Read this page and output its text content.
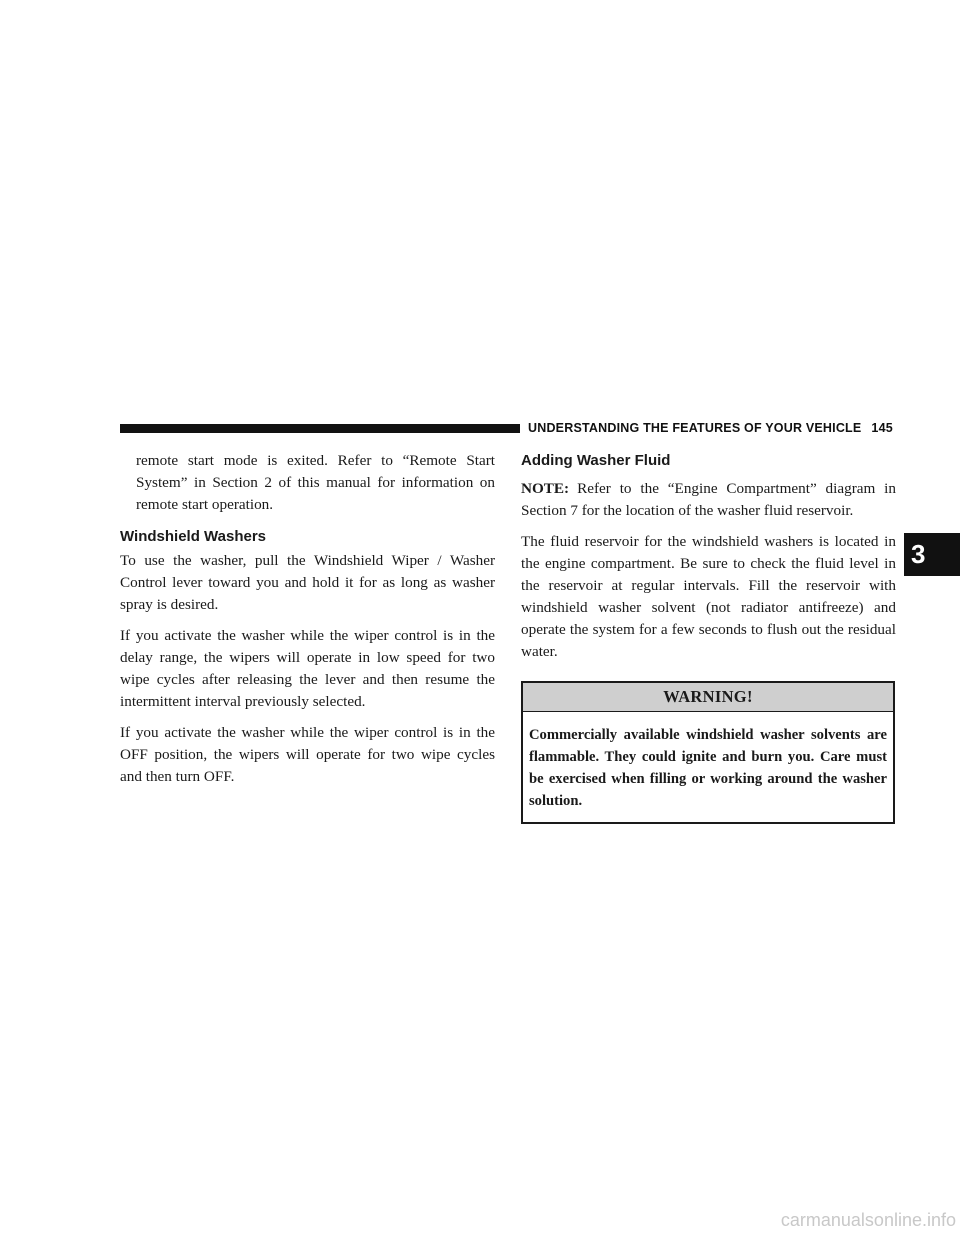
UNDERSTANDING THE FEATURES OF YOUR VEHICLE 145

remote start mode is exited. Refer to “Remote Start System” in Section 2 of this manual for information on remote start operation.

Windshield Washers

To use the washer, pull the Windshield Wiper / Washer Control lever toward you and hold it for as long as washer spray is desired.

If you activate the washer while the wiper control is in the delay range, the wipers will operate in low speed for two wipe cycles after releasing the lever and then resume the intermittent interval previously selected.

If you activate the washer while the wiper control is in the OFF position, the wipers will operate for two wipe cycles and then turn OFF.

Adding Washer Fluid

NOTE: Refer to the “Engine Compartment” diagram in Section 7 for the location of the washer fluid reservoir.

The fluid reservoir for the windshield washers is located in the engine compartment. Be sure to check the fluid level in the reservoir at regular intervals. Fill the reservoir with windshield washer solvent (not radiator antifreeze) and operate the system for a few seconds to flush out the residual water.

WARNING!
Commercially available windshield washer solvents are flammable. They could ignite and burn you. Care must be exercised when filling or working around the washer solution.
3
carmanualsonline.info
